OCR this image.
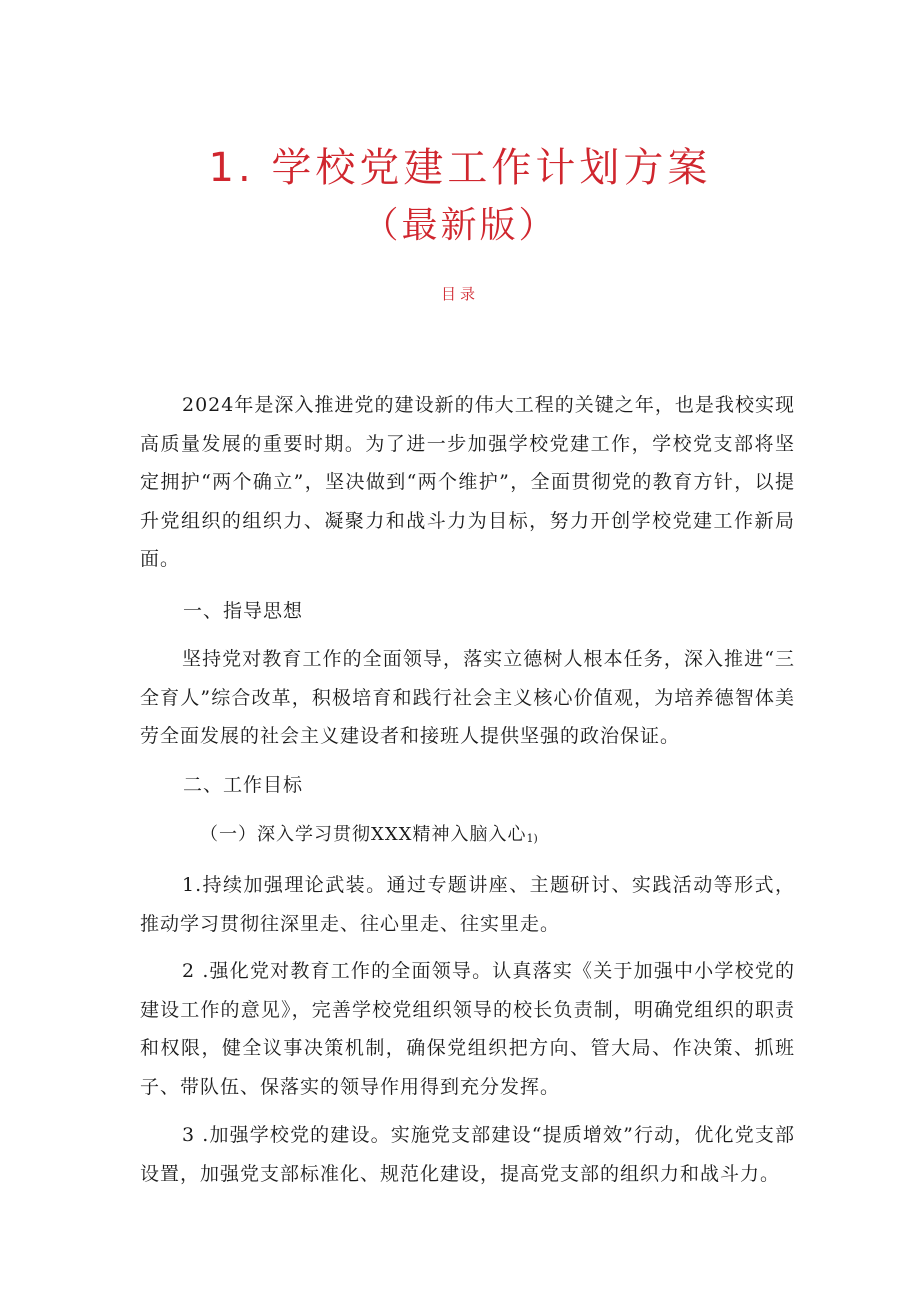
1. 学校党建工作计划方案
（最新版）
目录
2024年是深入推进党的建设新的伟大工程的关键之年，也是我校实现高质量发展的重要时期。为了进一步加强学校党建工作，学校党支部将坚定拥护“两个确立”，坚决做到“两个维护”，全面贯彻党的教育方针，以提升党组织的组织力、凝聚力和战斗力为目标，努力开创学校党建工作新局面。
一、指导思想
坚持党对教育工作的全面领导，落实立德树人根本任务，深入推进“三全育人”综合改革，积极培育和践行社会主义核心价值观，为培养德智体美劳全面发展的社会主义建设者和接班人提供坚强的政治保证。
二、工作目标
（一）深入学习贯彻XXX精神入脑入心1)
1.持续加强理论武装。通过专题讲座、主题研讨、实践活动等形式，推动学习贯彻往深里走、往心里走、往实里走。
2 .强化党对教育工作的全面领导。认真落实《关于加强中小学校党的建设工作的意见》，完善学校党组织领导的校长负责制，明确党组织的职责和权限，健全议事决策机制，确保党组织把方向、管大局、作决策、抓班子、带队伍、保落实的领导作用得到充分发挥。
3 .加强学校党的建设。实施党支部建设“提质增效”行动，优化党支部设置，加强党支部标准化、规范化建设，提高党支部的组织力和战斗力。
